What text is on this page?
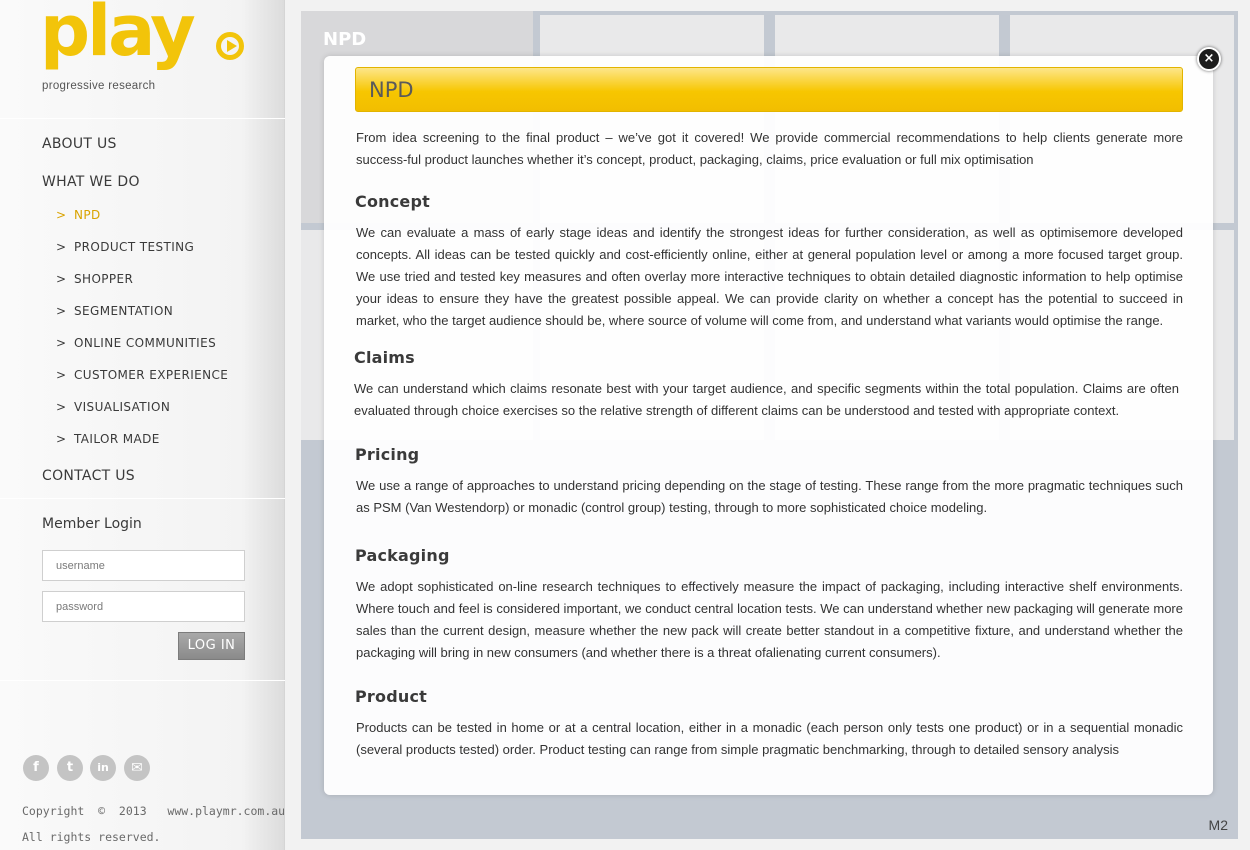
play
progressive research
ABOUT US
WHAT WE DO
> NPD
> PRODUCT TESTING
> SHOPPER
> SEGMENTATION
> ONLINE COMMUNITIES
> CUSTOMER EXPERIENCE
> VISUALISATION
> TAILOR MADE
CONTACT US
Member Login
username
LOG IN
f	t	in	✉
Copyright  ©  2013   www.playmr.com.au
All rights reserved.
NPD
M2
NPD
×
From idea screening to the final product – we’ve got it covered! We provide commercial recommendations to help clients generate more success-ful product launches whether it’s concept, product, packaging, claims, price evaluation or full mix optimisation
Concept
We can evaluate a mass of early stage ideas and identify the strongest ideas for further consideration, as well as optimisemore developed concepts. All ideas can be tested quickly and cost-efficiently online, either at general population level or among a more focused target group. We use tried and tested key measures and often overlay more interactive techniques to obtain detailed diagnostic information to help optimise your ideas to ensure they have the greatest possible appeal. We can provide clarity on whether a concept has the potential to succeed in market, who the target audience should be, where source of volume will come from, and understand what variants would optimise the range.
Claims
We can understand which claims resonate best with your target audience, and specific segments within the total population. Claims are often evaluated through choice exercises so the relative strength of different claims can be understood and tested with appropriate context.
Pricing
We use a range of approaches to understand pricing depending on the stage of testing. These range from the more pragmatic techniques such as PSM (Van Westendorp) or monadic (control group) testing, through to more sophisticated choice modeling.
Packaging
We adopt sophisticated on-line research techniques to effectively measure the impact of packaging, including interactive shelf environments. Where touch and feel is considered important, we conduct central location tests. We can understand whether new packaging will generate more sales than the current design, measure whether the new pack will create better standout in a competitive fixture, and understand whether the packaging will bring in new consumers (and whether there is a threat ofalienating current consumers).
Product
Products can be tested in home or at a central location, either in a monadic (each person only tests one product) or in a sequential monadic (several products tested) order. Product testing can range from simple pragmatic benchmarking, through to detailed sensory analysis
